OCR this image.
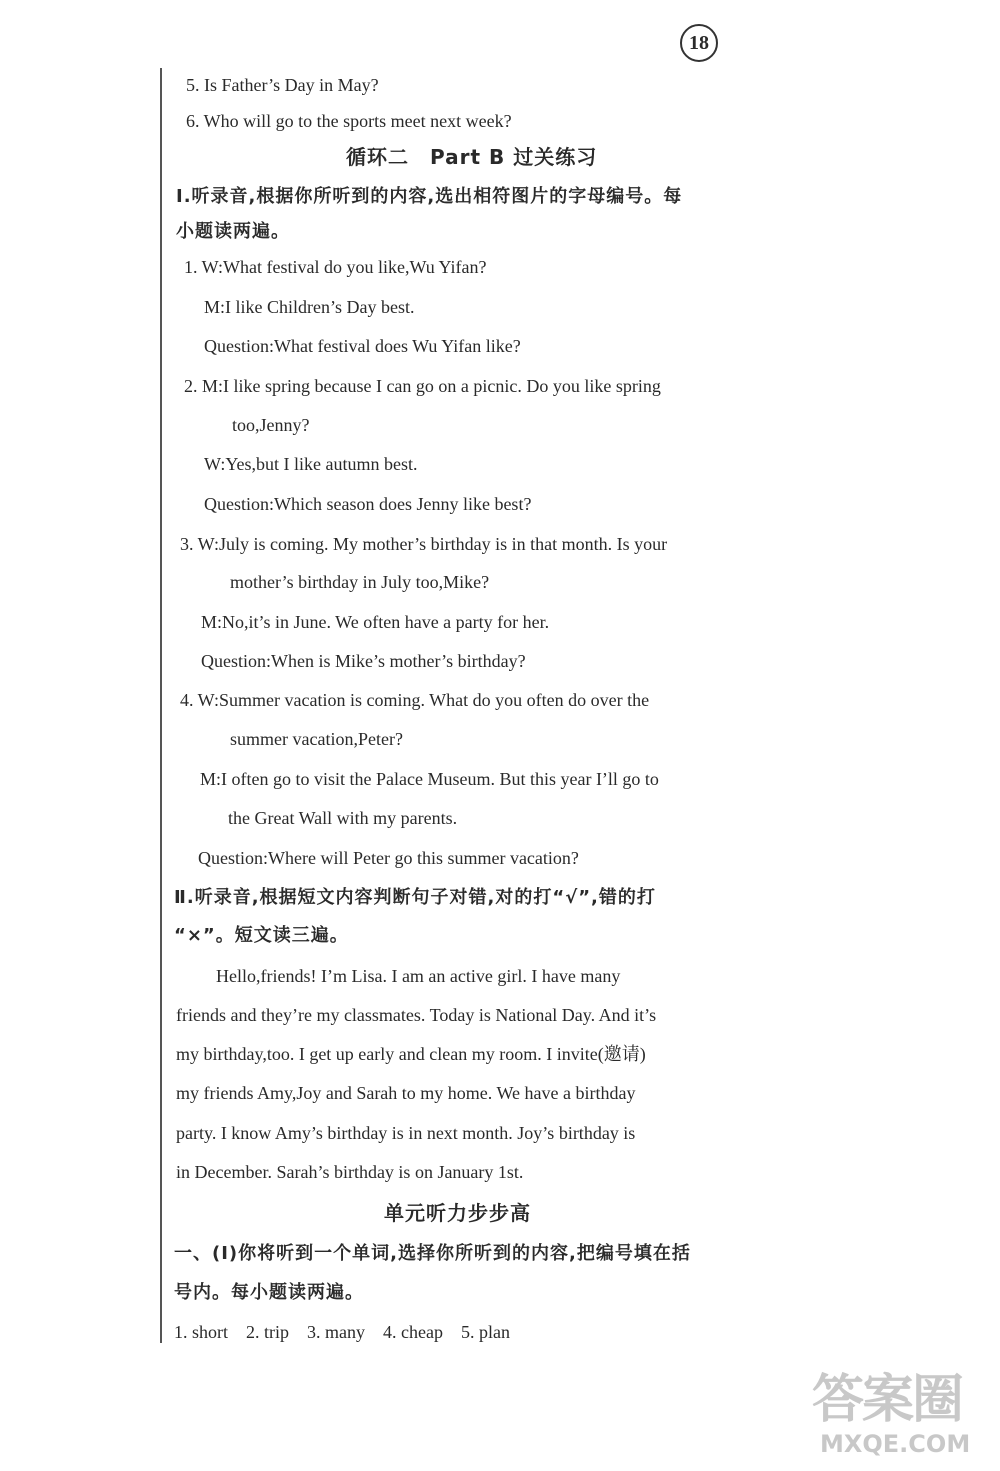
18
5. Is Father’s Day in May?
6. Who will go to the sports meet next week?
循环二　Part B 过关练习
Ⅰ.听录音,根据你所听到的内容,选出相符图片的字母编号。每
小题读两遍。
1. W:What festival do you like,Wu Yifan?
M:I like Children’s Day best.
Question:What festival does Wu Yifan like?
2. M:I like spring because I can go on a picnic. Do you like spring
too,Jenny?
W:Yes,but I like autumn best.
Question:Which season does Jenny like best?
3. W:July is coming. My mother’s birthday is in that month. Is your
mother’s birthday in July too,Mike?
M:No,it’s in June. We often have a party for her.
Question:When is Mike’s mother’s birthday?
4. W:Summer vacation is coming. What do you often do over the
summer vacation,Peter?
M:I often go to visit the Palace Museum. But this year I’ll go to
the Great Wall with my parents.
Question:Where will Peter go this summer vacation?
Ⅱ.听录音,根据短文内容判断句子对错,对的打“√”,错的打
“×”。短文读三遍。
Hello,friends! I’m Lisa. I am an active girl. I have many
friends and they’re my classmates. Today is National Day. And it’s
my birthday,too. I get up early and clean my room. I invite(邀请)
my friends Amy,Joy and Sarah to my home. We have a birthday
party. I know Amy’s birthday is in next month. Joy’s birthday is
in December. Sarah’s birthday is on January 1st.
单元听力步步高
一、(Ⅰ)你将听到一个单词,选择你所听到的内容,把编号填在括
号内。每小题读两遍。
1. short　2. trip　3. many　4. cheap　5. plan
答案圈
MXQE.COM
